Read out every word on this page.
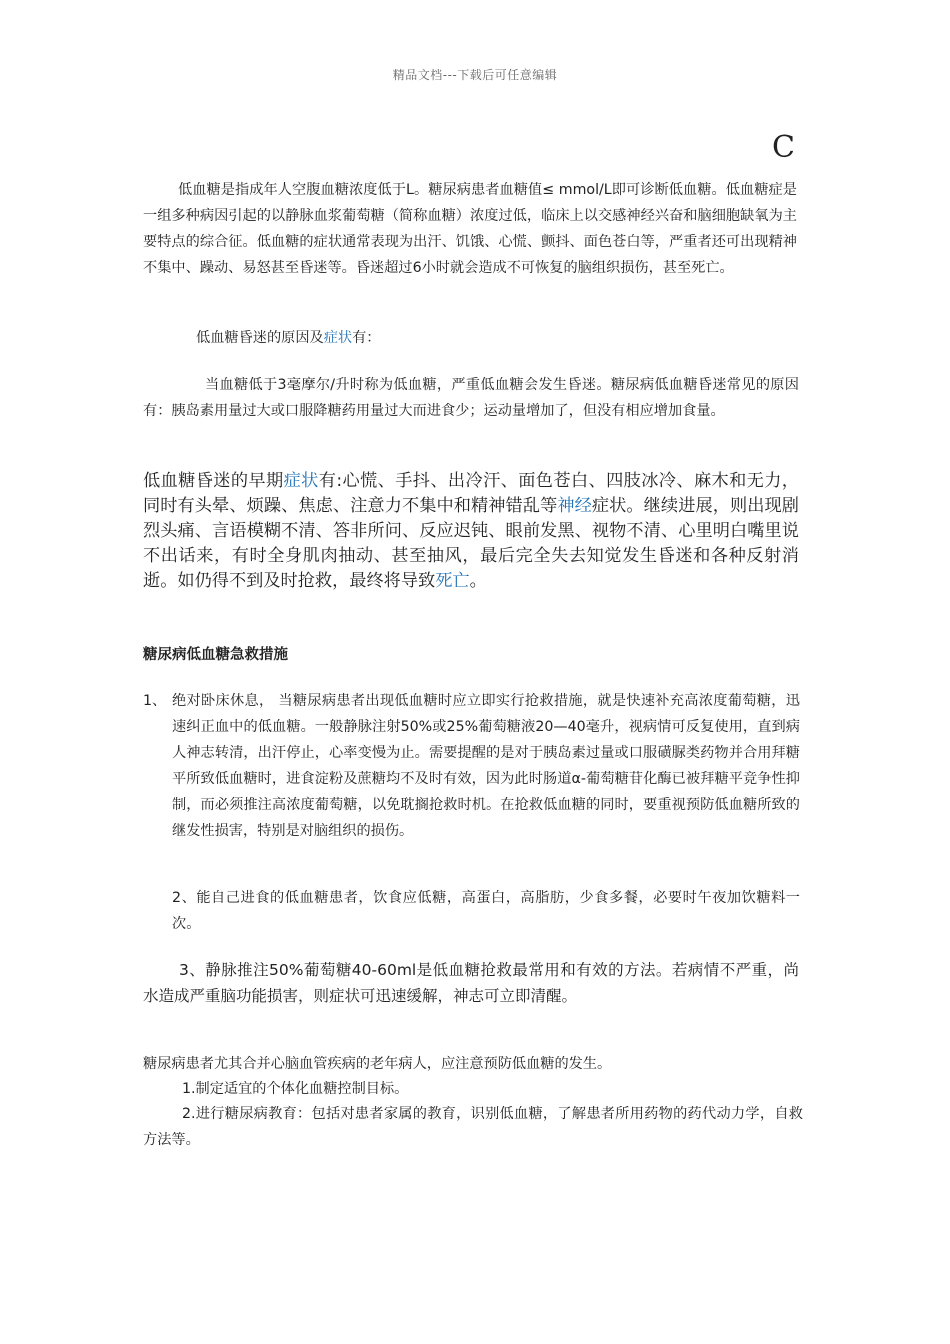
精品文档---下载后可任意编辑
C

低血糖是指成年人空腹血糖浓度低于L。糖尿病患者血糖值≤ mmol/L即可诊断低血糖。低血糖症是一组多种病因引起的以静脉血浆葡萄糖（简称血糖）浓度过低，临床上以交感神经兴奋和脑细胞缺氧为主要特点的综合征。低血糖的症状通常表现为出汗、饥饿、心慌、颤抖、面色苍白等，严重者还可出现精神不集中、躁动、易怒甚至昏迷等。昏迷超过6小时就会造成不可恢复的脑组织损伤，甚至死亡。

低血糖昏迷的原因及症状有：

当血糖低于3毫摩尔/升时称为低血糖，严重低血糖会发生昏迷。糖尿病低血糖昏迷常见的原因有：胰岛素用量过大或口服降糖药用量过大而进食少；运动量增加了，但没有相应增加食量。

低血糖昏迷的早期症状有:心慌、手抖、出冷汗、面色苍白、四肢冰冷、麻木和无力，同时有头晕、烦躁、焦虑、注意力不集中和精神错乱等神经症状。继续进展，则出现剧烈头痛、言语模糊不清、答非所问、反应迟钝、眼前发黑、视物不清、心里明白嘴里说不出话来，有时全身肌肉抽动、甚至抽风，最后完全失去知觉发生昏迷和各种反射消逝。如仍得不到及时抢救，最终将导致死亡。

糖尿病低血糖急救措施
1、 绝对卧床休息， 当糖尿病患者出现低血糖时应立即实行抢救措施，就是快速补充高浓度葡萄糖，迅速纠正血中的低血糖。一般静脉注射50%或25%葡萄糖液20—40毫升，视病情可反复使用，直到病人神志转清，出汗停止，心率变慢为止。需要提醒的是对于胰岛素过量或口服磺脲类药物并合用拜糖平所致低血糖时，进食淀粉及蔗糖均不及时有效，因为此时肠道α-葡萄糖苷化酶已被拜糖平竞争性抑制，而必须推注高浓度葡萄糖，以免耽搁抢救时机。在抢救低血糖的同时，要重视预防低血糖所致的继发性损害，特别是对脑组织的损伤。

2、能自己进食的低血糖患者，饮食应低糖，高蛋白，高脂肪，少食多餐，必要时午夜加饮糖料一次。

3、静脉推注50%葡萄糖40-60ml是低血糖抢救最常用和有效的方法。若病情不严重，尚水造成严重脑功能损害，则症状可迅速缓解，神志可立即清醒。

糖尿病患者尤其合并心脑血管疾病的老年病人，应注意预防低血糖的发生。

1.制定适宜的个体化血糖控制目标。

2.进行糖尿病教育：包括对患者家属的教育，识别低血糖，了解患者所用药物的药代动力学，自救方法等。
